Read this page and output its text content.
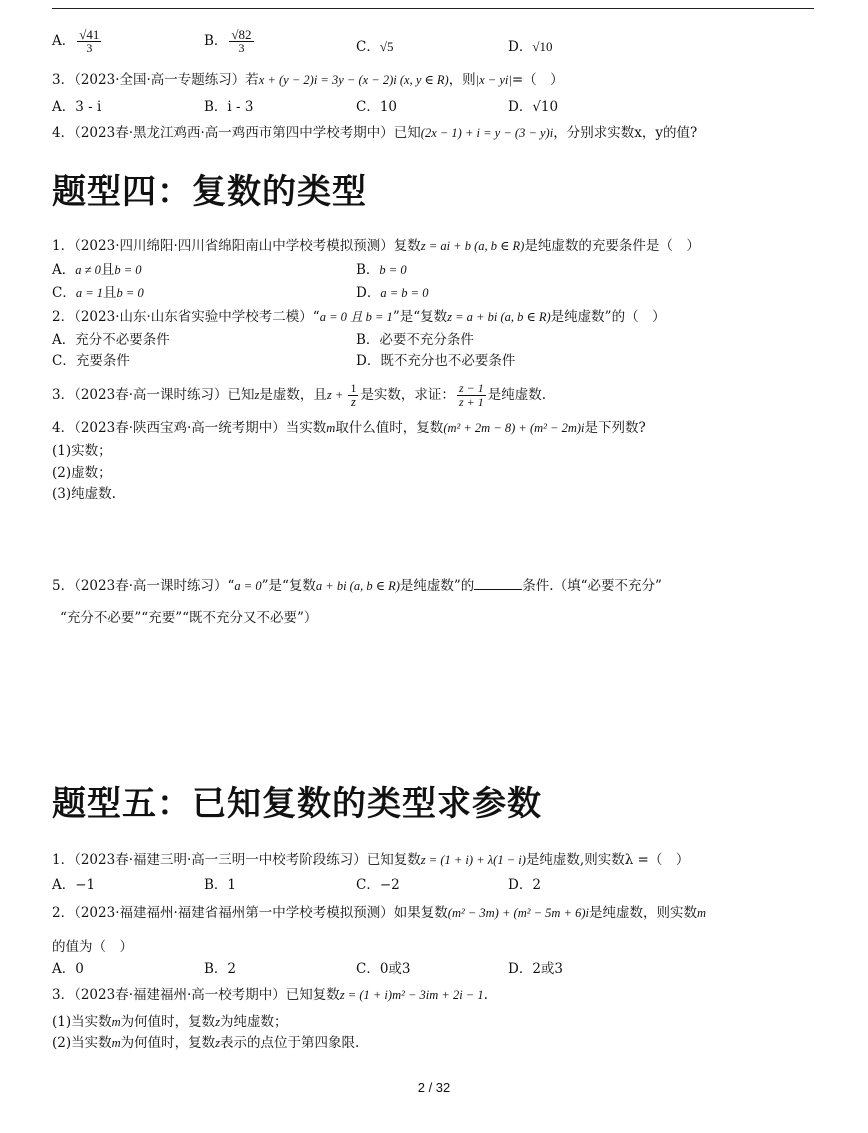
A． $\frac{√41}{3}$	B． $\frac{√82}{3}$	C．√5	D．√10
3．（2023·全国·高一专题练习）若x + (y − 2)i = 3y − (x − 2)i (x, y ∈ R)，则|x − yi|=（　）
A．3 - i	B．i - 3	C．10	D．√10
4．（2023春·黑龙江鸡西·高一鸡西市第四中学校考期中）已知(2x − 1) + i = y − (3 − y)i，分别求实数x，y的值?
题型四：复数的类型
1．（2023·四川绵阳·四川省绵阳南山中学校考模拟预测）复数z = ai + b (a, b ∈ R)是纯虚数的充要条件是（　）
A．a ≠ 0且b = 0	B．b = 0
C．a = 1且b = 0	D．a = b = 0
2．（2023·山东·山东省实验中学校考二模）“a = 0 且 b = 1”是“复数z = a + bi (a, b ∈ R)是纯虚数”的（　）
A．充分不必要条件	B．必要不充分条件
C．充要条件	D．既不充分也不必要条件
3．（2023春·高一课时练习）已知z是虚数，且$z + \frac{1}{z}$ 是实数，求证： $\frac{z - 1}{z + 1}$ 是纯虚数.
4．（2023春·陕西宝鸡·高一统考期中）当实数m取什么值时，复数(m² + 2m − 8) + (m² − 2m)i是下列数?
(1)实数；
(2)虚数；
(3)纯虚数.
5．（2023春·高一课时练习）“a = 0”是“复数a + bi (a, b ∈ R)是纯虚数”的	条件.（填“必要不充分”
“充分不必要”“充要”“既不充分又不必要”）
题型五：已知复数的类型求参数
1．（2023春·福建三明·高一三明一中校考阶段练习）已知复数z = (1 + i) + λ(1 − i)是纯虚数,则实数λ =（　）
A．−1	B．1	C．−2	D．2
2．（2023·福建福州·福建省福州第一中学校考模拟预测）如果复数(m² − 3m) + (m² − 5m + 6)i是纯虚数，则实数m
的值为（　）
A．0	B．2	C．0或3	D．2或3
3．（2023春·福建福州·高一校考期中）已知复数z = (1 + i)m² − 3im + 2i − 1.
(1)当实数m为何值时，复数z为纯虚数；
(2)当实数m为何值时，复数z表示的点位于第四象限.
2 / 32
